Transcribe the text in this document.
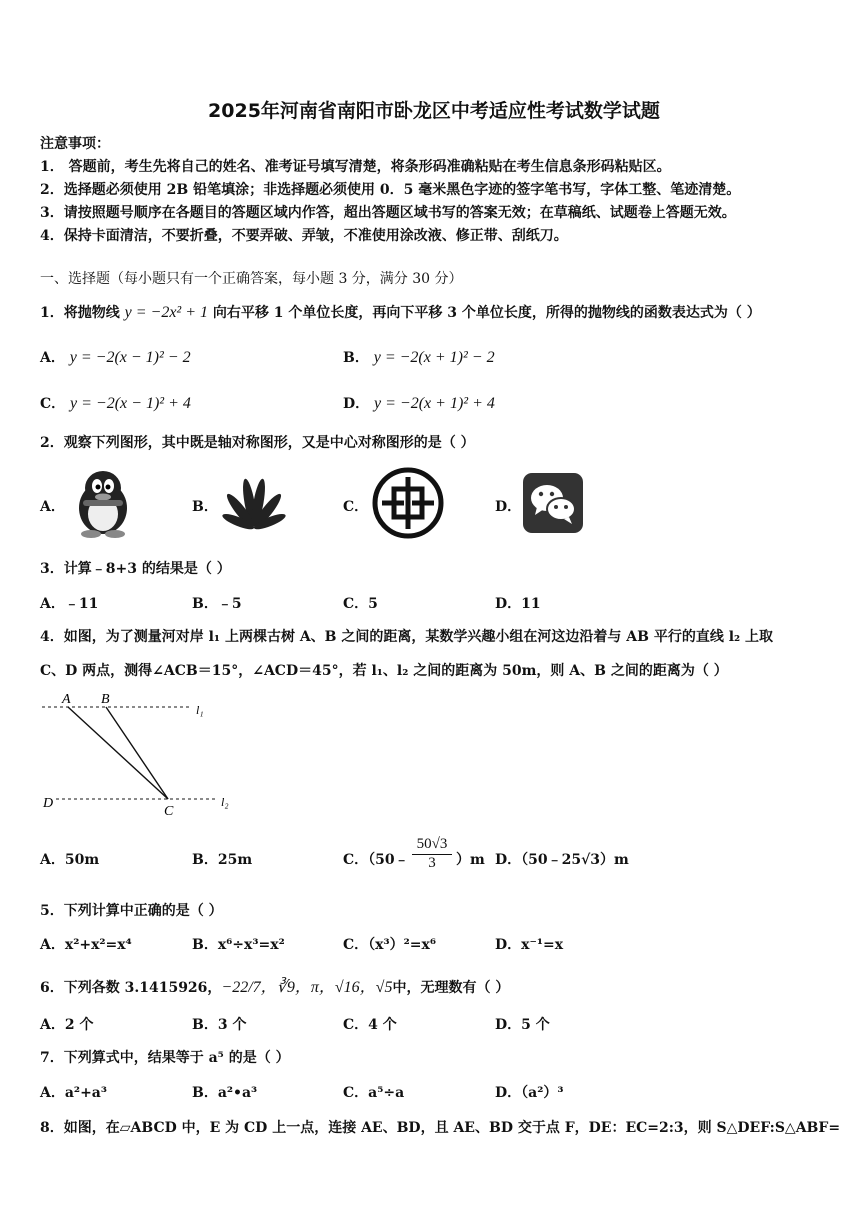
2025年河南省南阳市卧龙区中考适应性考试数学试题
注意事项：
1． 答题前，考生先将自己的姓名、准考证号填写清楚，将条形码准确粘贴在考生信息条形码粘贴区。
2．选择题必须使用 2B 铅笔填涂；非选择题必须使用 0．5 毫米黑色字迹的签字笔书写，字体工整、笔迹清楚。
3．请按照题号顺序在各题目的答题区域内作答，超出答题区域书写的答案无效；在草稿纸、试题卷上答题无效。
4．保持卡面清洁，不要折叠，不要弄破、弄皱，不准使用涂改液、修正带、刮纸刀。
一、选择题（每小题只有一个正确答案，每小题 3 分，满分 30 分）
1．将抛物线 y = −2x² + 1 向右平移 1 个单位长度，再向下平移 3 个单位长度，所得的抛物线的函数表达式为（ ）
A． y = −2(x − 1)² − 2	B． y = −2(x + 1)² − 2
C． y = −2(x − 1)² + 4	D． y = −2(x + 1)² + 4
2．观察下列图形，其中既是轴对称图形，又是中心对称图形的是（ ）
A．	B．	C．	D．
3．计算﹣8+3 的结果是（ ）
A．﹣11	B．﹣5	C．5	D．11
4．如图，为了测量河对岸 l₁ 上两棵古树 A、B 之间的距离，某数学兴趣小组在河这边沿着与 AB 平行的直线 l₂ 上取
C、D 两点，测得∠ACB＝15°，∠ACD＝45°，若 l₁、l₂ 之间的距离为 50m，则 A、B 之间的距离为（ ）
A B
C
D
l₁
l₂
A．50m	B．25m	C．（50﹣ $\frac{50√3}{3} )m$ D．（50﹣25√3）m
5．下列计算中正确的是（ ）
A．x²+x²=x⁴	B．x⁶÷x³=x²	C．（x³）²=x⁶	D．x⁻¹=x
6．下列各数 3.1415926，−22/7，∛9，π，√16，√5中，无理数有（ ）
A．2 个	B．3 个	C．4 个	D．5 个
7．下列算式中，结果等于 a⁵ 的是（ ）
A．a²+a³	B．a²•a³	C．a⁵÷a	D．（a²）³
8．如图，在▱ABCD 中，E 为 CD 上一点，连接 AE、BD，且 AE、BD 交于点 F，DE：EC=2:3，则 S△DEF:S△ABF=
